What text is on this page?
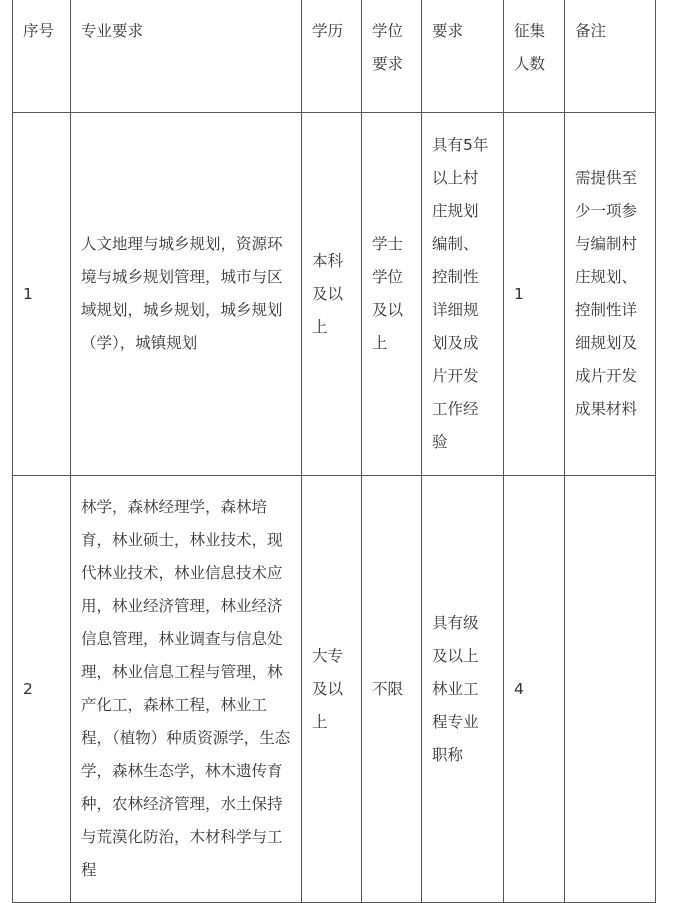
序号	专业要求	学历	学位要求	要求	征集人数	备注
1	人文地理与城乡规划，资源环境与城乡规划管理，城市与区域规划，城乡规划，城乡规划（学），城镇规划	本科及以上	学士学位及以上	具有5年以上村庄规划编制、控制性详细规划及成片开发工作经验	1	需提供至少一项参与编制村庄规划、控制性详细规划及成片开发成果材料
2	林学，森林经理学，森林培育，林业硕士，林业技术，现代林业技术，林业信息技术应用，林业经济管理，林业经济信息管理，林业调查与信息处理，林业信息工程与管理，林产化工，森林工程，林业工程，（植物）种质资源学，生态学，森林生态学，林木遗传育种，农林经济管理，水土保持与荒漠化防治，木材科学与工程	大专及以上	不限	具有级及以上林业工程专业职称	4	
